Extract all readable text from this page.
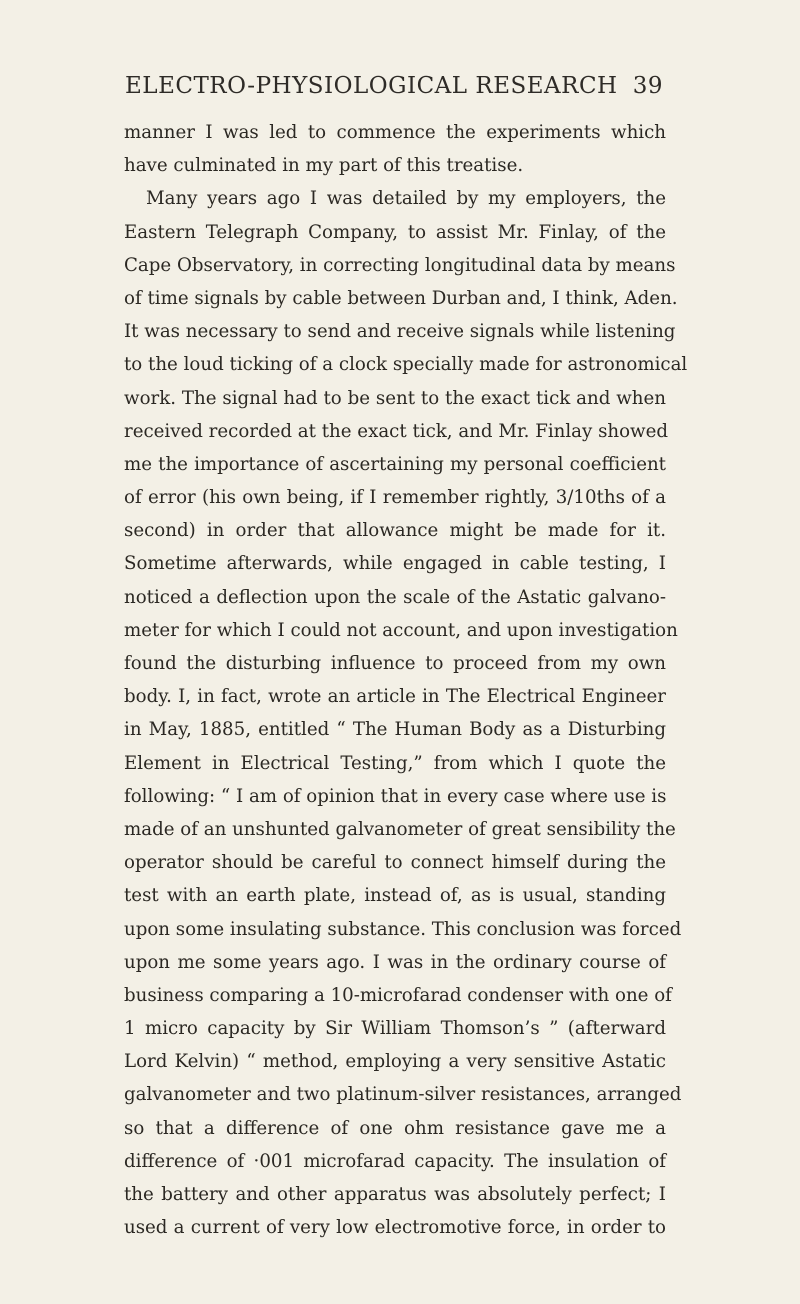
ELECTRO-PHYSIOLOGICAL RESEARCH 39
manner I was led to commence the experiments which
have culminated in my part of this treatise.
Many years ago I was detailed by my employers, the
Eastern Telegraph Company, to assist Mr. Finlay, of the
Cape Observatory, in correcting longitudinal data by means
of time signals by cable between Durban and, I think, Aden.
It was necessary to send and receive signals while listening
to the loud ticking of a clock specially made for astronomical
work. The signal had to be sent to the exact tick and when
received recorded at the exact tick, and Mr. Finlay showed
me the importance of ascertaining my personal coefficient
of error (his own being, if I remember rightly, 3/10ths of a
second) in order that allowance might be made for it.
Sometime afterwards, while engaged in cable testing, I
noticed a deflection upon the scale of the Astatic galvano-
meter for which I could not account, and upon investigation
found the disturbing influence to proceed from my own
body. I, in fact, wrote an article in The Electrical Engineer
in May, 1885, entitled “ The Human Body as a Disturbing
Element in Electrical Testing,” from which I quote the
following: “ I am of opinion that in every case where use is
made of an unshunted galvanometer of great sensibility the
operator should be careful to connect himself during the
test with an earth plate, instead of, as is usual, standing
upon some insulating substance. This conclusion was forced
upon me some years ago. I was in the ordinary course of
business comparing a 10-microfarad condenser with one of
1 micro capacity by Sir William Thomson’s ” (afterward
Lord Kelvin) “ method, employing a very sensitive Astatic
galvanometer and two platinum-silver resistances, arranged
so that a difference of one ohm resistance gave me a
difference of ·001 microfarad capacity. The insulation of
the battery and other apparatus was absolutely perfect; I
used a current of very low electromotive force, in order to
